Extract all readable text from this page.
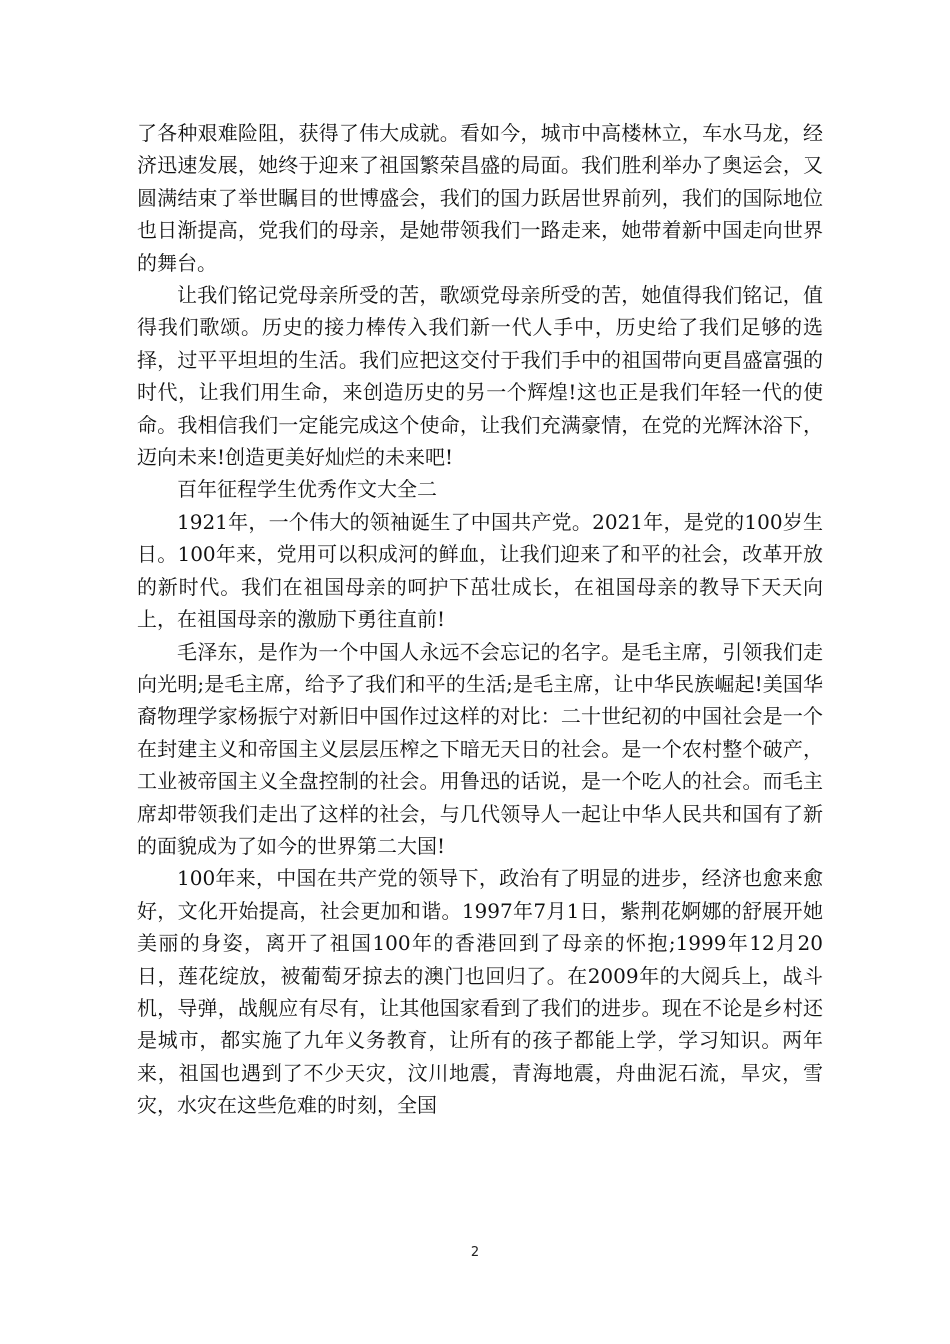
了各种艰难险阻，获得了伟大成就。看如今，城市中高楼林立，车水马龙，经济迅速发展，她终于迎来了祖国繁荣昌盛的局面。我们胜利举办了奥运会，又圆满结束了举世瞩目的世博盛会，我们的国力跃居世界前列，我们的国际地位也日渐提高，党我们的母亲，是她带领我们一路走来，她带着新中国走向世界的舞台。

让我们铭记党母亲所受的苦，歌颂党母亲所受的苦，她值得我们铭记，值得我们歌颂。历史的接力棒传入我们新一代人手中，历史给了我们足够的选择，过平平坦坦的生活。我们应把这交付于我们手中的祖国带向更昌盛富强的时代，让我们用生命，来创造历史的另一个辉煌!这也正是我们年轻一代的使命。我相信我们一定能完成这个使命，让我们充满豪情，在党的光辉沐浴下，迈向未来!创造更美好灿烂的未来吧!

百年征程学生优秀作文大全二

1921年，一个伟大的领袖诞生了中国共产党。2021年，是党的100岁生日。100年来，党用可以积成河的鲜血，让我们迎来了和平的社会，改革开放的新时代。我们在祖国母亲的呵护下茁壮成长，在祖国母亲的教导下天天向上，在祖国母亲的激励下勇往直前!

毛泽东，是作为一个中国人永远不会忘记的名字。是毛主席，引领我们走向光明;是毛主席，给予了我们和平的生活;是毛主席，让中华民族崛起!美国华裔物理学家杨振宁对新旧中国作过这样的对比：二十世纪初的中国社会是一个在封建主义和帝国主义层层压榨之下暗无天日的社会。是一个农村整个破产，工业被帝国主义全盘控制的社会。用鲁迅的话说，是一个吃人的社会。而毛主席却带领我们走出了这样的社会，与几代领导人一起让中华人民共和国有了新的面貌成为了如今的世界第二大国!

100年来，中国在共产党的领导下，政治有了明显的进步，经济也愈来愈好，文化开始提高，社会更加和谐。1997年7月1日，紫荆花婀娜的舒展开她美丽的身姿，离开了祖国100年的香港回到了母亲的怀抱;1999年12月20日，莲花绽放，被葡萄牙掠去的澳门也回归了。在2009年的大阅兵上，战斗机，导弹，战舰应有尽有，让其他国家看到了我们的进步。现在不论是乡村还是城市，都实施了九年义务教育，让所有的孩子都能上学，学习知识。两年来，祖国也遇到了不少天灾，汶川地震，青海地震，舟曲泥石流，旱灾，雪灾，水灾在这些危难的时刻，全国

2
